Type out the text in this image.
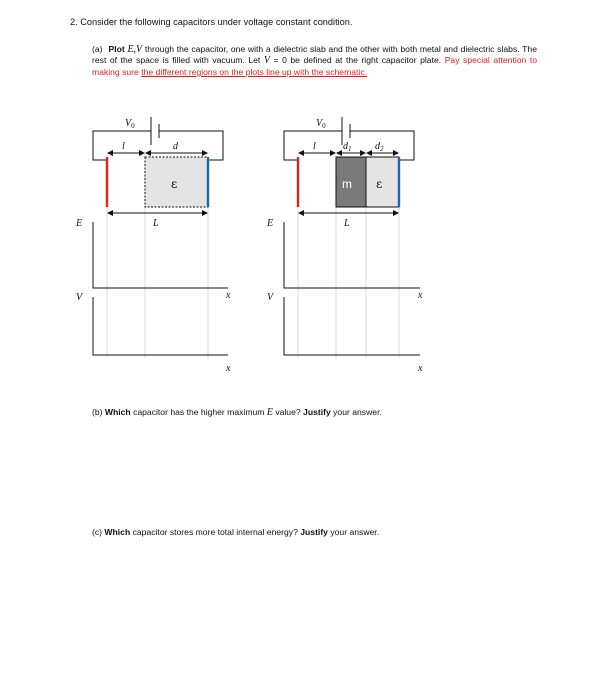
2. Consider the following capacitors under voltage constant condition.
(a) Plot E,V through the capacitor, one with a dielectric slab and the other with both metal and dielectric slabs. The rest of the space is filled with vacuum. Let V = 0 be defined at the right capacitor plate. Pay special attention to making sure the different regions on the plots line up with the schematic.
$V_0$
ε
l	d
L
E
x
V
x
$V_0$
m ε
l	$d_1$ $d_2$
L
E
x
V
x
(b) Which capacitor has the higher maximum E value? Justify your answer.
(c) Which capacitor stores more total internal energy? Justify your answer.
